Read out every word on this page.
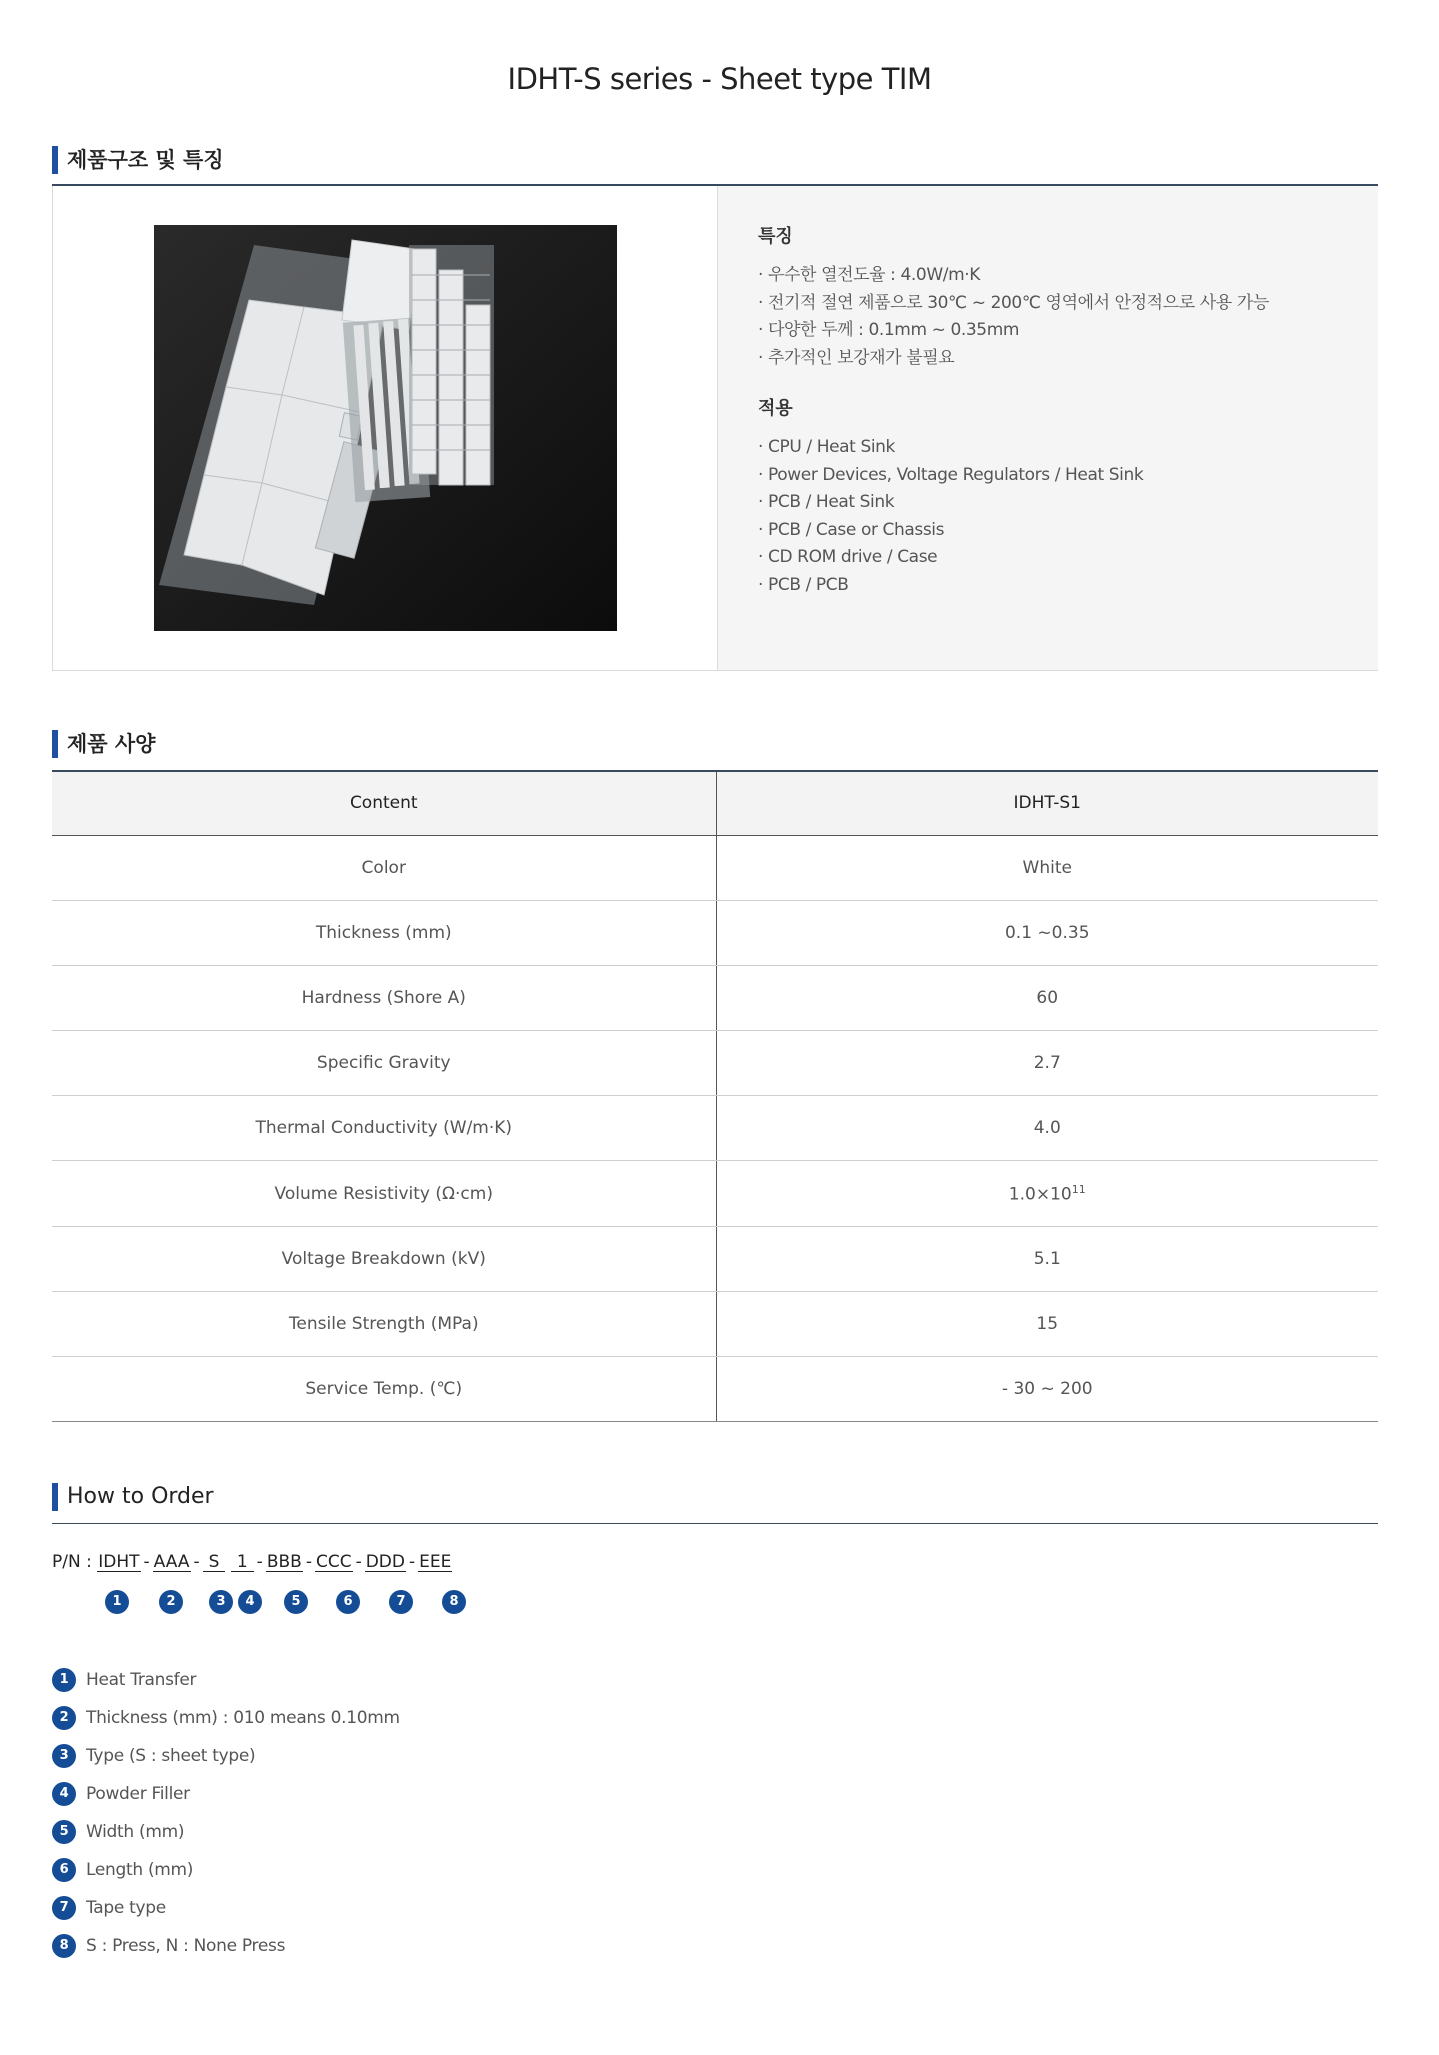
IDHT-S series - Sheet type TIM
제품구조 및 특징
특징
· 우수한 열전도율 : 4.0W/m·K
· 전기적 절연 제품으로 30℃ ~ 200℃ 영역에서 안정적으로 사용 가능
· 다양한 두께 : 0.1mm ~ 0.35mm
· 추가적인 보강재가 불필요
적용
· CPU / Heat Sink
· Power Devices, Voltage Regulators / Heat Sink
· PCB / Heat Sink
· PCB / Case or Chassis
· CD ROM drive / Case
· PCB / PCB
제품 사양
Content	IDHT-S1
Color	White
Thickness (mm)	0.1 ~0.35
Hardness (Shore A)	60
Specific Gravity	2.7
Thermal Conductivity (W/m·K)	4.0
Volume Resistivity (Ω·cm)	$1.0\times 10^{11}$
Voltage Breakdown (kV)	5.1
Tensile Strength (MPa)	15
Service Temp. (℃)	- 30 ~ 200
How to Order
P/N : IDHT - AAA - S 1 - BBB - CCC - DDD - EEE
1	2	3	4	5	6	7	8
1	Heat Transfer
2	Thickness (mm) : 010 means 0.10mm
3	Type (S : sheet type)
4	Powder Filler
5	Width (mm)
6	Length (mm)
7	Tape type
8	S : Press, N : None Press
